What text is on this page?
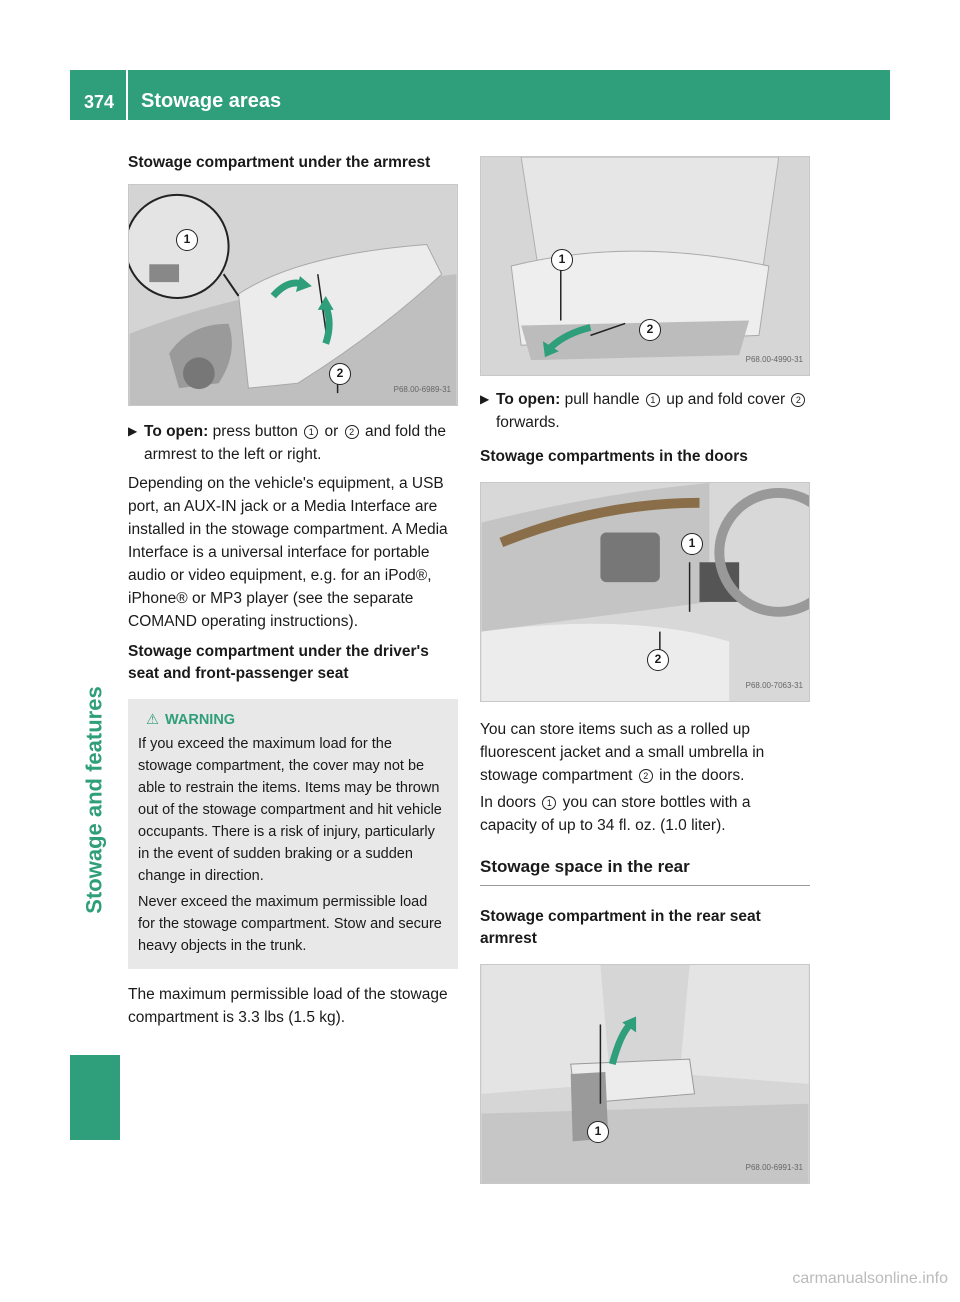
374 Stowage areas
Stowage and features
Stowage compartment under the armrest
1
2
P68.00-6989-31
▶ To open: press button 1 or 2 and fold the armrest to the left or right.

Depending on the vehicle's equipment, a USB port, an AUX-IN jack or a Media Interface are installed in the stowage compartment. A Media Interface is a universal interface for portable audio or video equipment, e.g. for an iPod®, iPhone® or MP3 player (see the separate COMAND operating instructions).

Stowage compartment under the driver's seat and front-passenger seat
⚠ WARNING

If you exceed the maximum load for the stowage compartment, the cover may not be able to restrain the items. Items may be thrown out of the stowage compartment and hit vehicle occupants. There is a risk of injury, particularly in the event of sudden braking or a sudden change in direction.

Never exceed the maximum permissible load for the stowage compartment. Stow and secure heavy objects in the trunk.

The maximum permissible load of the stowage compartment is 3.3 lbs (1.5 kg).

1
2
P68.00-4990-31
▶ To open: pull handle 1 up and fold cover 2 forwards.
Stowage compartments in the doors
1
2
P68.00-7063-31

You can store items such as a rolled up fluorescent jacket and a small umbrella in stowage compartment 2 in the doors.

In doors 1 you can store bottles with a capacity of up to 34 fl. oz. (1.0 liter).

Stowage space in the rear
Stowage compartment in the rear seat armrest
1
P68.00-6991-31
carmanualsonline.info
